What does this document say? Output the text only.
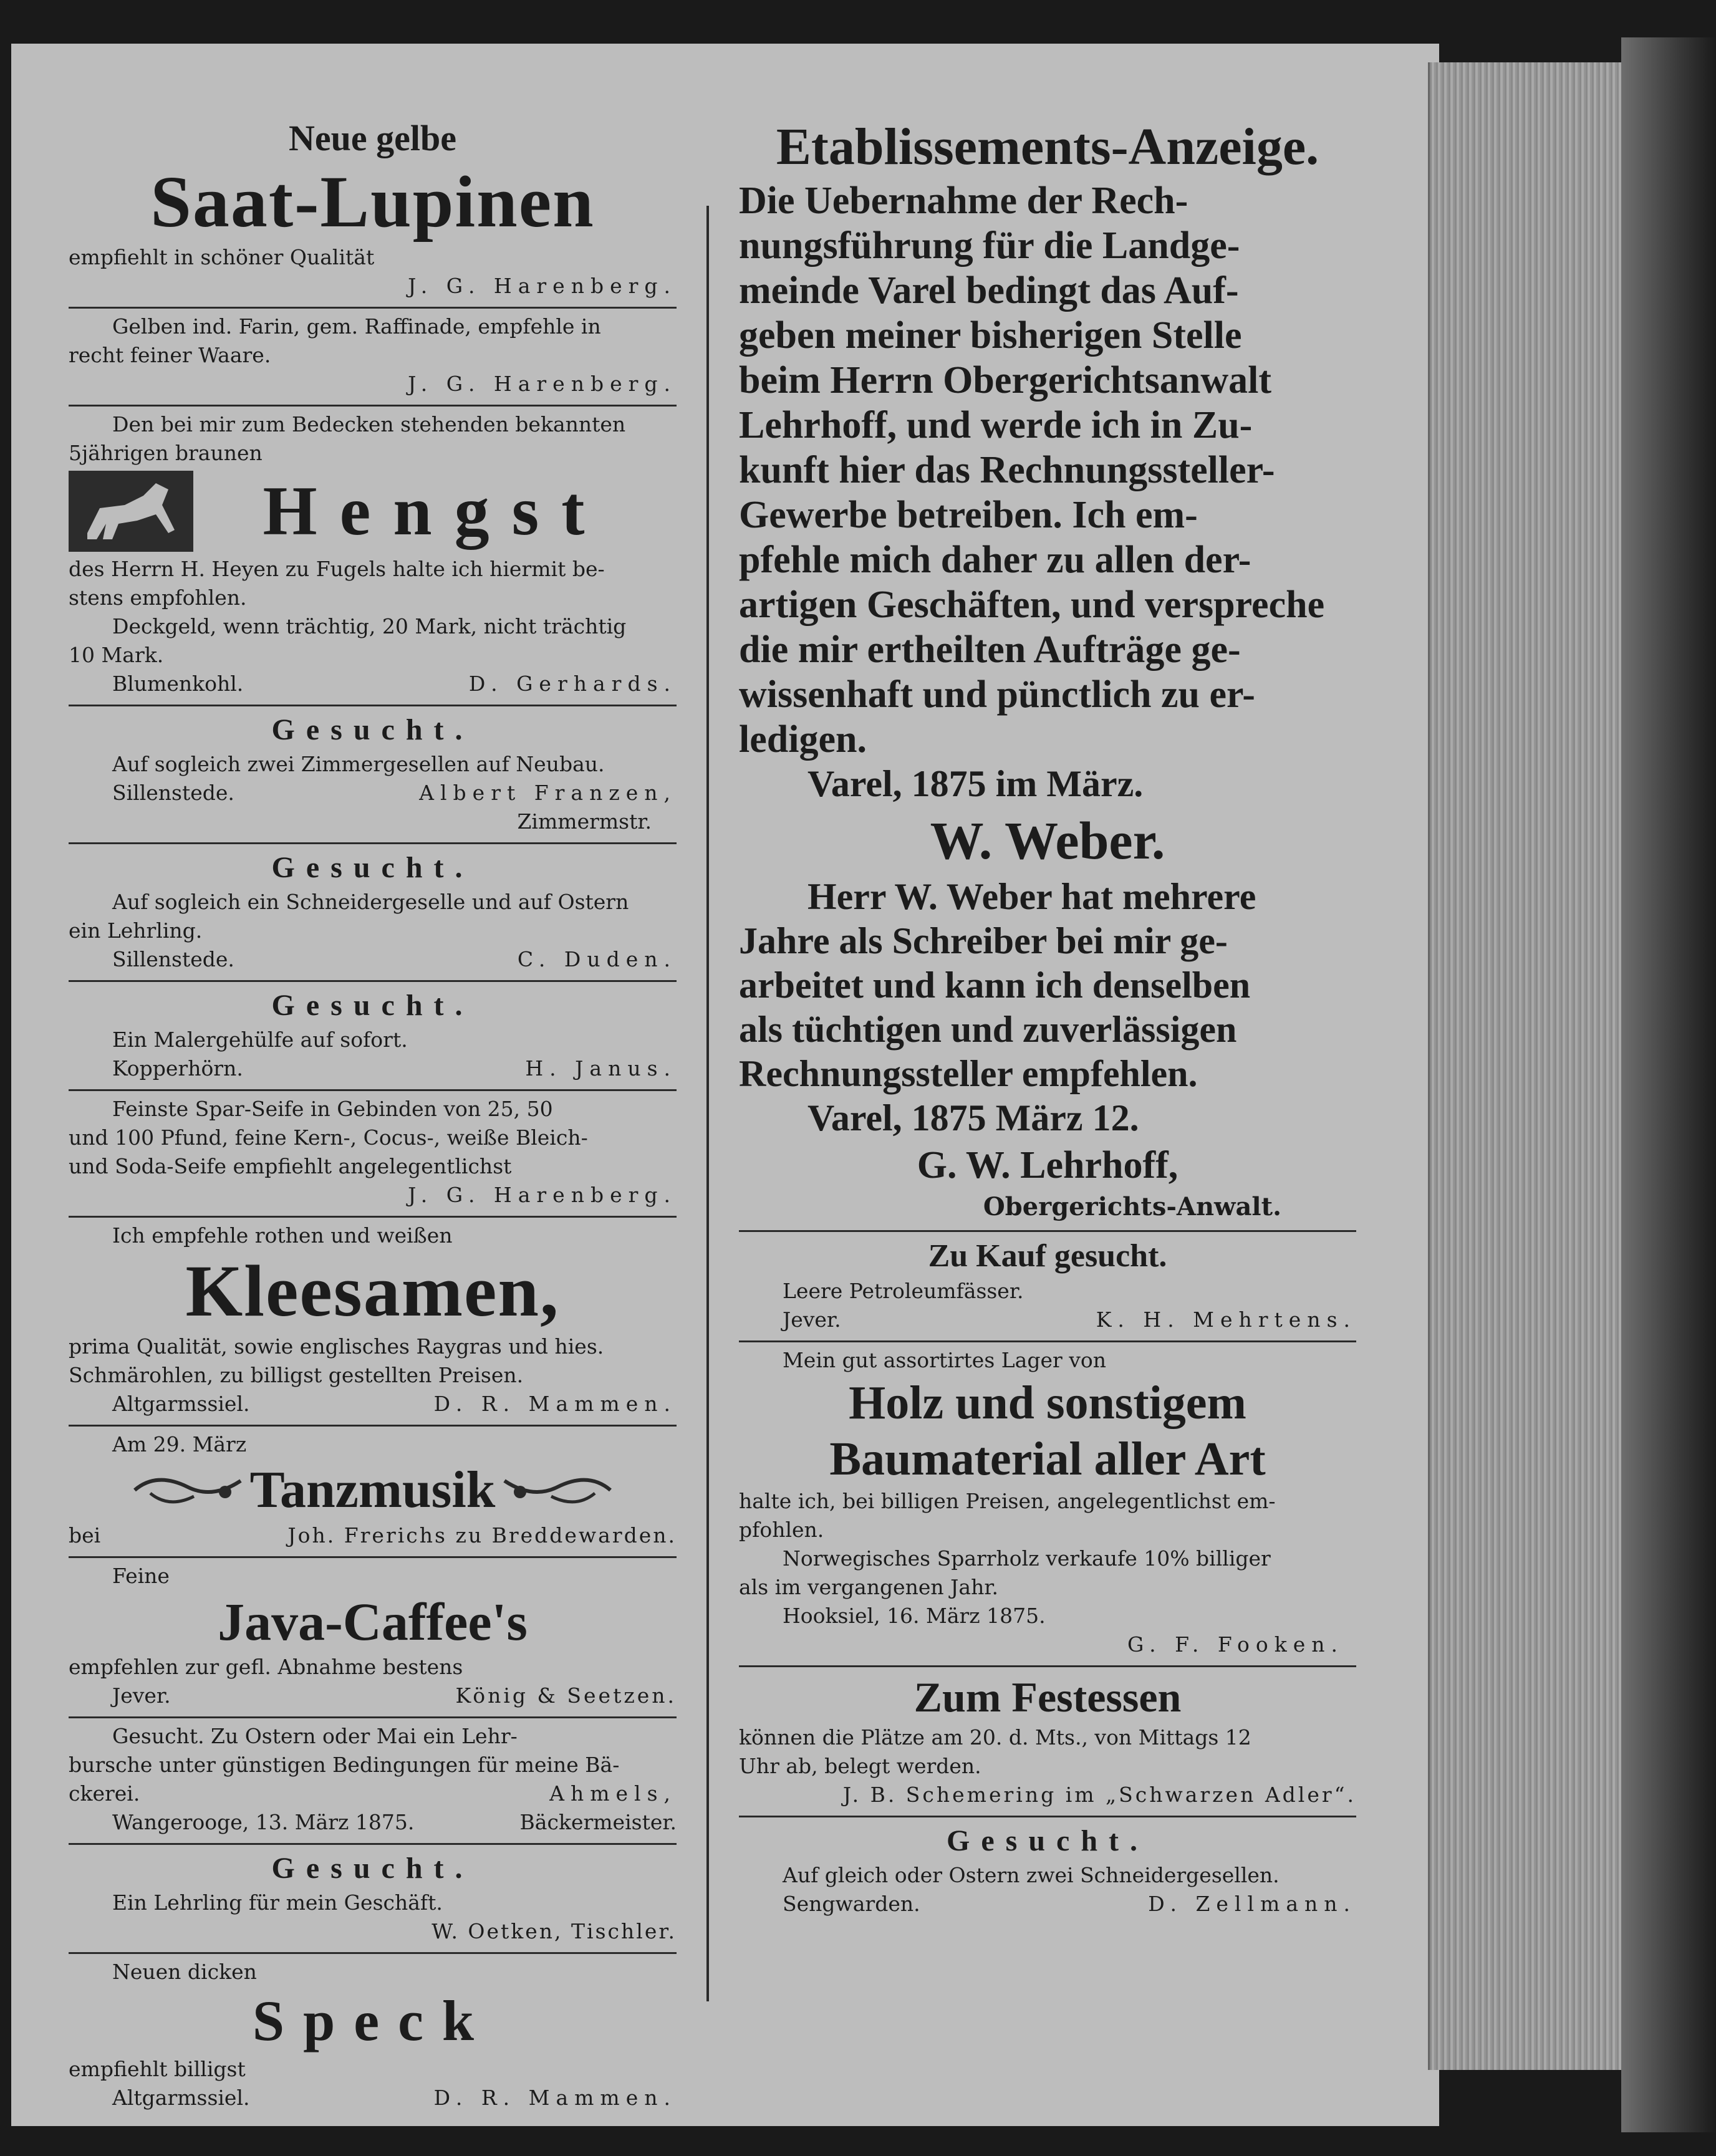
Neue gelbe
Saat-Lupinen
empfiehlt in schöner Qualität
J. G. Harenberg.
Gelben ind. Farin, gem. Raffinade, empfehle in
recht feiner Waare.
J. G. Harenberg.
Den bei mir zum Bedecken stehenden bekannten
5jährigen braunen
Hengst
des Herrn H. Heyen zu Fugels halte ich hiermit be-
stens empfohlen.
Deckgeld, wenn trächtig, 20 Mark, nicht trächtig
10 Mark.
Blumenkohl.	D. Gerhards.
Gesucht.
Auf sogleich zwei Zimmergesellen auf Neubau.
Sillenstede.	Albert Franzen,
Zimmermstr.
Gesucht.
Auf sogleich ein Schneidergeselle und auf Ostern
ein Lehrling.
Sillenstede.	C. Duden.
Gesucht.
Ein Malergehülfe auf sofort.
Kopperhörn.	H. Janus.
Feinste Spar-Seife in Gebinden von 25, 50
und 100 Pfund, feine Kern-, Cocus-, weiße Bleich-
und Soda-Seife empfiehlt angelegentlichst
J. G. Harenberg.
Ich empfehle rothen und weißen
Kleesamen,
prima Qualität, sowie englisches Raygras und hies.
Schmärohlen, zu billigst gestellten Preisen.
Altgarmssiel.	D. R. Mammen.
Am 29. März
Tanzmusik
bei	Joh. Frerichs zu Breddewarden.
Feine
Java-Caffee's
empfehlen zur gefl. Abnahme bestens
Jever.	König & Seetzen.
Gesucht. Zu Ostern oder Mai ein Lehr-
bursche unter günstigen Bedingungen für meine Bä-
ckerei.	Ahmels,
Wangerooge, 13. März 1875.	Bäckermeister.
Gesucht.
Ein Lehrling für mein Geschäft.
W. Oetken, Tischler.
Neuen dicken
Speck
empfiehlt billigst
Altgarmssiel.	D. R. Mammen.
Etablissements-Anzeige.
Die Uebernahme der Rech-
nungsführung für die Landge-
meinde Varel bedingt das Auf-
geben meiner bisherigen Stelle
beim Herrn Obergerichtsanwalt
Lehrhoff, und werde ich in Zu-
kunft hier das Rechnungssteller-
Gewerbe betreiben. Ich em-
pfehle mich daher zu allen der-
artigen Geschäften, und verspreche
die mir ertheilten Aufträge ge-
wissenhaft und pünctlich zu er-
ledigen.
Varel, 1875 im März.
W. Weber.
Herr W. Weber hat mehrere
Jahre als Schreiber bei mir ge-
arbeitet und kann ich denselben
als tüchtigen und zuverlässigen
Rechnungssteller empfehlen.
Varel, 1875 März 12.
G. W. Lehrhoff,
Obergerichts-Anwalt.
Zu Kauf gesucht.
Leere Petroleumfässer.
Jever.	K. H. Mehrtens.
Mein gut assortirtes Lager von
Holz und sonstigem
Baumaterial aller Art
halte ich, bei billigen Preisen, angelegentlichst em-
pfohlen.
Norwegisches Sparrholz verkaufe 10% billiger
als im vergangenen Jahr.
Hooksiel, 16. März 1875.
G. F. Fooken.
Zum Festessen
können die Plätze am 20. d. Mts., von Mittags 12
Uhr ab, belegt werden.
J. B. Schemering im „Schwarzen Adler“.
Gesucht.
Auf gleich oder Ostern zwei Schneidergesellen.
Sengwarden.	D. Zellmann.
